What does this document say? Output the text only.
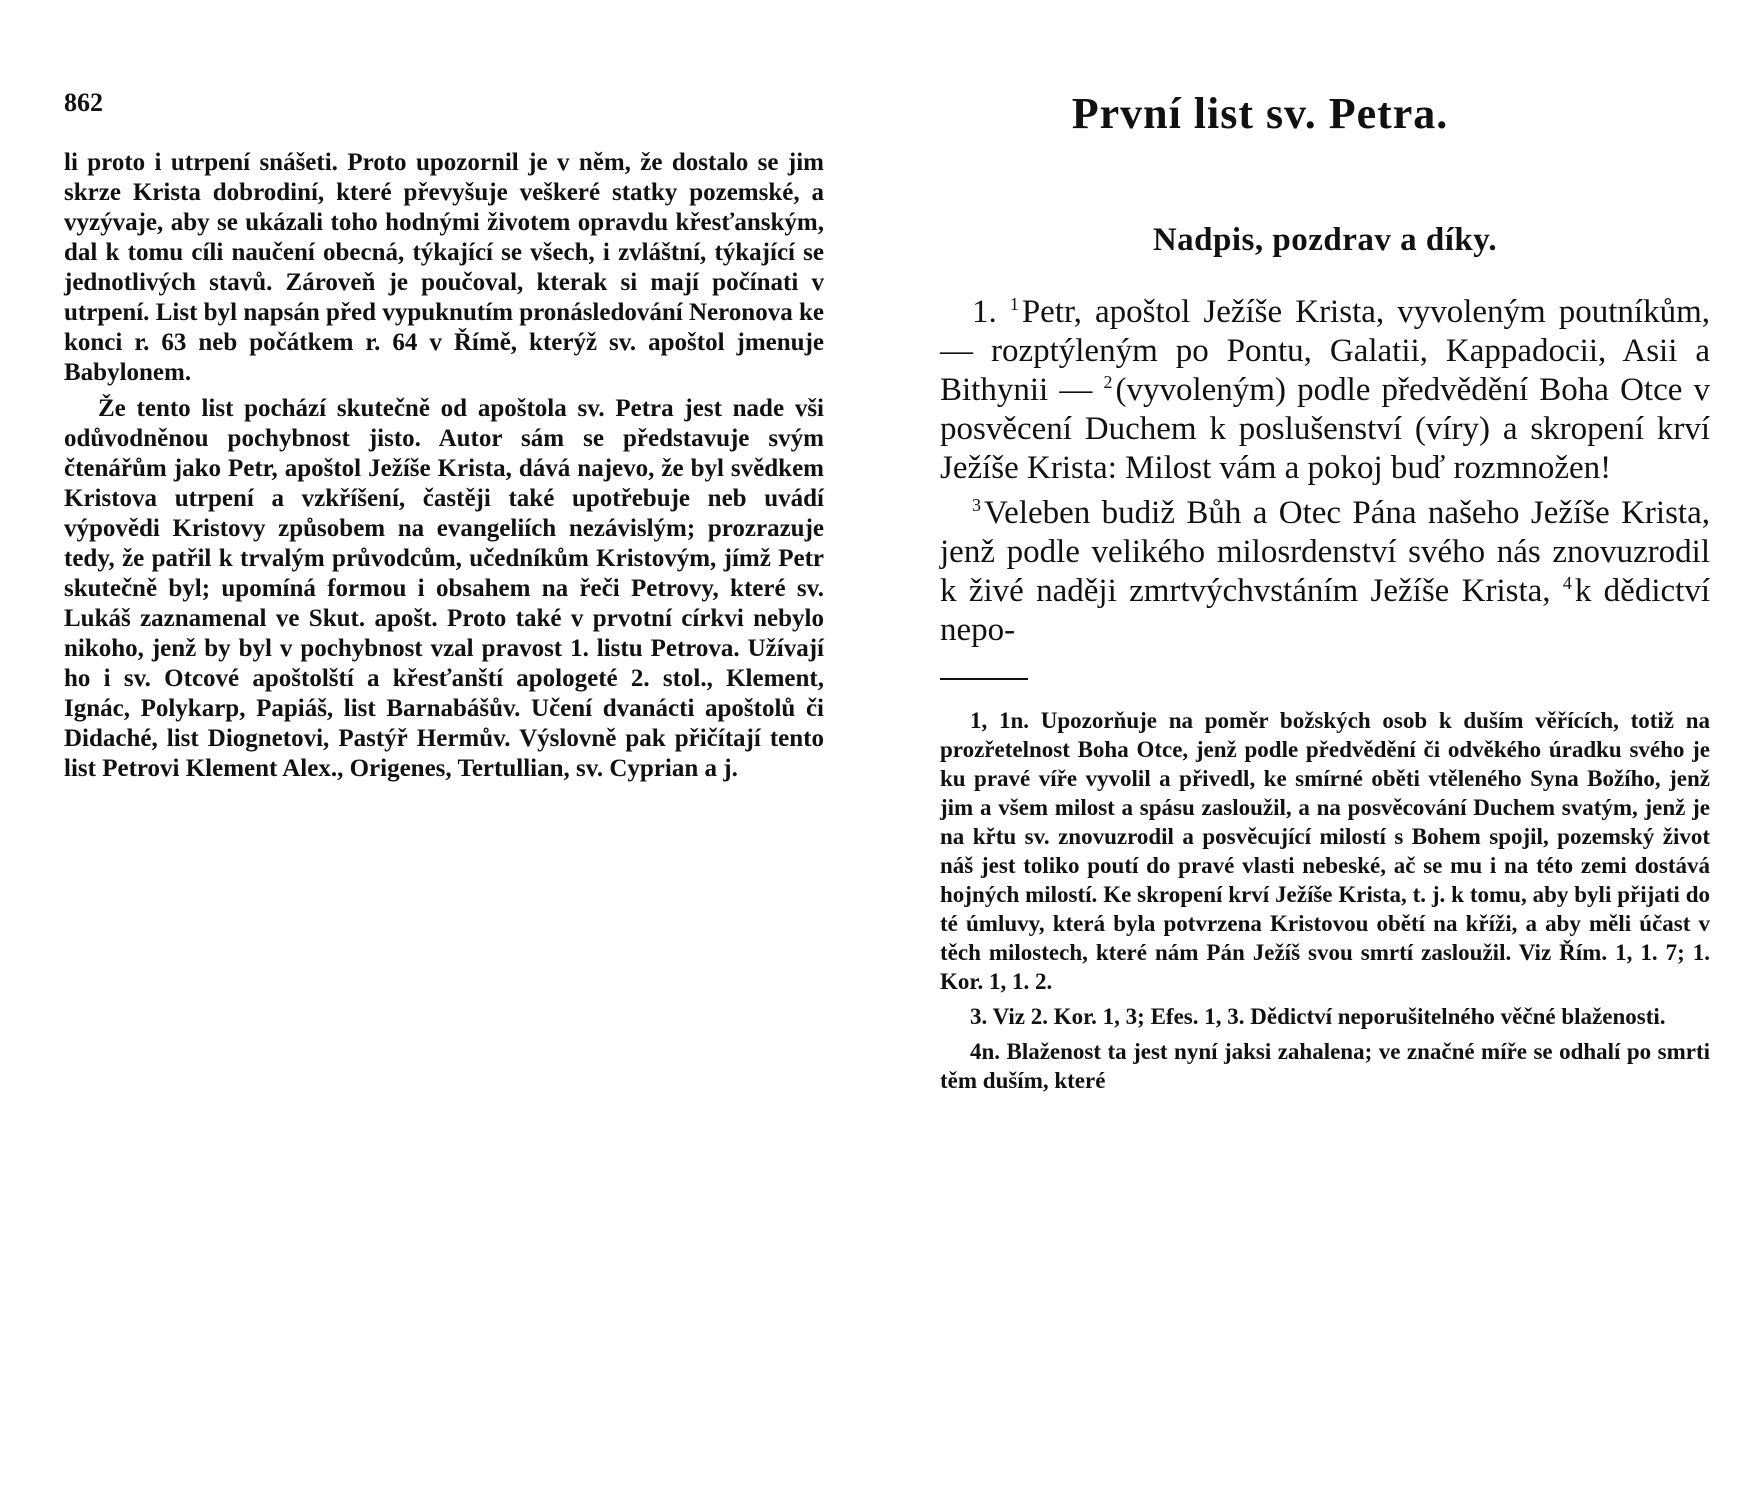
862	První list sv. Petra.

li proto i utrpení snášeti. Proto upozornil je v něm, že dostalo se jim skrze Krista dobrodiní, které převyšuje veškeré statky pozemské, a vyzývaje, aby se ukázali toho hodnými životem opravdu křesťanským, dal k tomu cíli naučení obecná, týkající se všech, i zvláštní, týkající se jednotlivých stavů. Zároveň je poučoval, kterak si mají počínati v utrpení. List byl napsán před vypuknutím pronásledování Neronova ke konci r. 63 neb počátkem r. 64 v Římě, kterýž sv. apoštol jmenuje Babylonem.

Že tento list pochází skutečně od apoštola sv. Petra jest nade vši odůvodněnou pochybnost jisto. Autor sám se představuje svým čtenářům jako Petr, apoštol Ježíše Krista, dává najevo, že byl svědkem Kristova utrpení a vzkříšení, častěji také upotřebuje neb uvádí výpovědi Kristovy způsobem na evangeliích nezávislým; prozrazuje tedy, že patřil k trvalým průvodcům, učedníkům Kristovým, jímž Petr skutečně byl; upomíná formou i obsahem na řeči Petrovy, které sv. Lukáš zaznamenal ve Skut. apošt. Proto také v prvotní církvi nebylo nikoho, jenž by byl v pochybnost vzal pravost 1. listu Petrova. Užívají ho i sv. Otcové apoštolští a křesťanští apologeté 2. stol., Klement, Ignác, Polykarp, Papiáš, list Barnabášův. Učení dvanácti apoštolů či Didaché, list Diognetovi, Pastýř Hermův. Výslovně pak přičítají tento list Petrovi Klement Alex., Origenes, Tertullian, sv. Cyprian a j.

Nadpis, pozdrav a díky.

1. $^1$Petr, apoštol Ježíše Krista, vyvoleným poutníkům, — rozptýleným po Pontu, Galatii, Kappadocii, Asii a Bithynii — $^2$(vyvoleným) podle předvědění Boha Otce v posvěcení Duchem k poslušenství (víry) a skropení krví Ježíše Krista: Milost vám a pokoj buď rozmnožen!

$^3$Veleben budiž Bůh a Otec Pána našeho Ježíše Krista, jenž podle velikého milosrdenství svého nás znovuzrodil k živé naději zmrtvýchvstáním Ježíše Krista, $^4$k dědictví nepo-

1, 1n. Upozorňuje na poměr božských osob k duším věřících, totiž na prozřetelnost Boha Otce, jenž podle předvědění či odvěkého úradku svého je ku pravé víře vyvolil a přivedl, ke smírné oběti vtěleného Syna Božího, jenž jim a všem milost a spásu zasloužil, a na posvěcování Duchem svatým, jenž je na křtu sv. znovuzrodil a posvěcující milostí s Bohem spojil, pozemský život náš jest toliko poutí do pravé vlasti nebeské, ač se mu i na této zemi dostává hojných milostí. Ke skropení krví Ježíše Krista, t. j. k tomu, aby byli přijati do té úmluvy, která byla potvrzena Kristovou obětí na kříži, a aby měli účast v těch milostech, které nám Pán Ježíš svou smrtí zasloužil. Viz Řím. 1, 1. 7; 1. Kor. 1, 1. 2.

3. Viz 2. Kor. 1, 3; Efes. 1, 3. Dědictví neporušitelného věčné blaženosti.

4n. Blaženost ta jest nyní jaksi zahalena; ve značné míře se odhalí po smrti těm duším, které
